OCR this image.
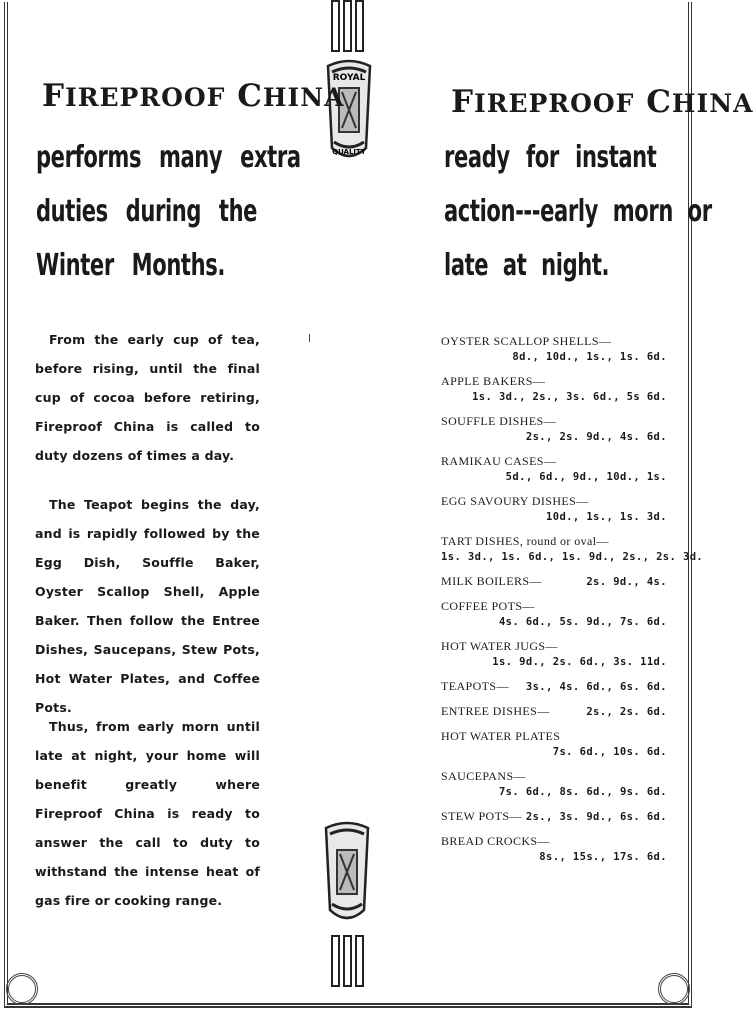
ROYAL
QUALITY
FIREPROOF CHINA
performs many extra
duties during the
Winter Months.
From the early cup of tea, before rising, until the final cup of cocoa before retiring, Fireproof China is called to duty dozens of times a day.
The Teapot begins the day, and is rapidly followed by the Egg Dish, Souffle Baker, Oyster Scallop Shell, Apple Baker. Then follow the Entree Dishes, Saucepans, Stew Pots, Hot Water Plates, and Coffee Pots.
Thus, from early morn until late at night, your home will benefit greatly where Fireproof China is ready to answer the call to duty to withstand the intense heat of gas fire or cooking range.
FIREPROOF CHINA
ready for instant
action---early morn or
late at night.
OYSTER SCALLOP SHELLS—
8d., 10d., 1s., 1s. 6d.
APPLE BAKERS—
1s. 3d., 2s., 3s. 6d., 5s 6d.
SOUFFLE DISHES—
2s., 2s. 9d., 4s. 6d.
RAMIKAU CASES—
5d., 6d., 9d., 10d., 1s.
EGG SAVOURY DISHES—
10d., 1s., 1s. 3d.
TART DISHES, round or oval—
1s. 3d., 1s. 6d., 1s. 9d., 2s., 2s. 3d.
MILK BOILERS—	2s. 9d., 4s.
COFFEE POTS—
4s. 6d., 5s. 9d., 7s. 6d.
HOT WATER JUGS—
1s. 9d., 2s. 6d., 3s. 11d.
TEAPOTS— 3s., 4s. 6d., 6s. 6d.
ENTREE DISHES—	2s., 2s. 6d.
HOT WATER PLATES
7s. 6d., 10s. 6d.
SAUCEPANS—
7s. 6d., 8s. 6d., 9s. 6d.
STEW POTS— 2s., 3s. 9d., 6s. 6d.
BREAD CROCKS—
8s., 15s., 17s. 6d.
